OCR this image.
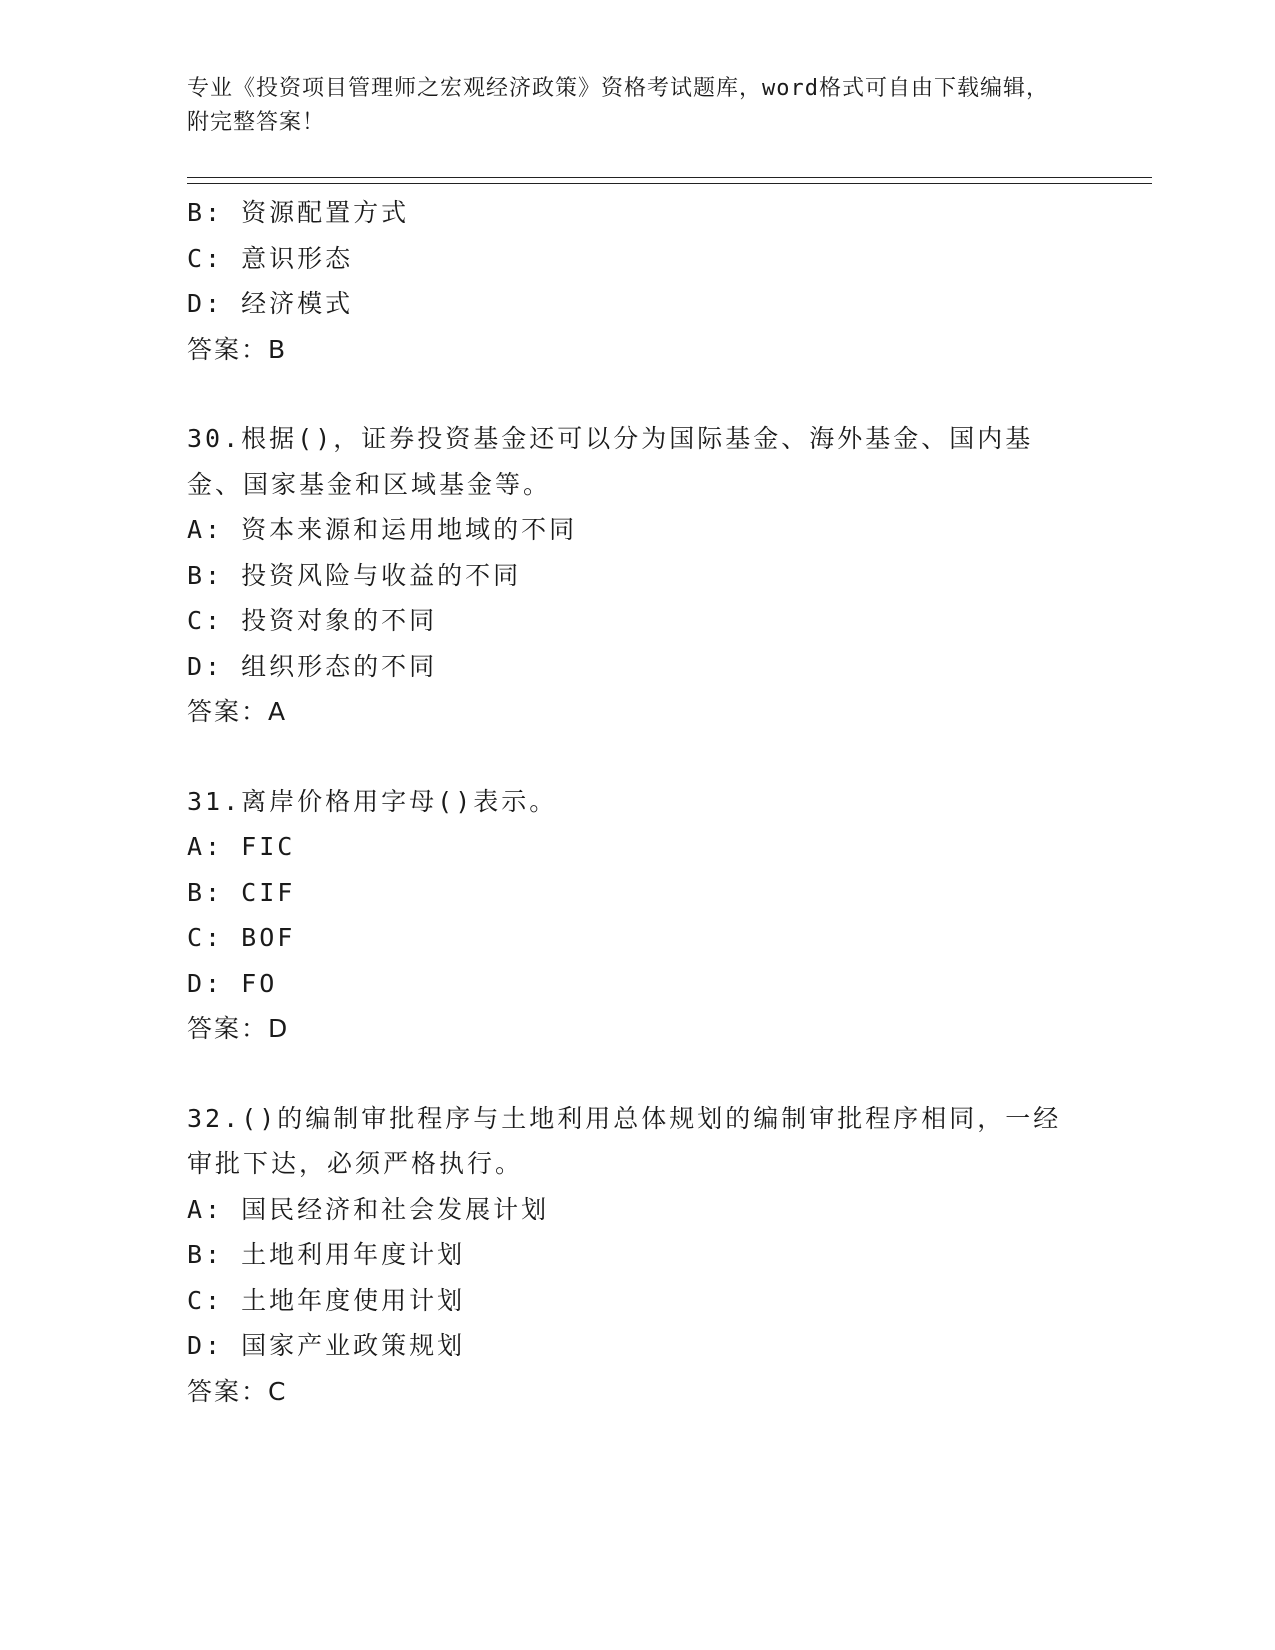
专业《投资项目管理师之宏观经济政策》资格考试题库，word格式可自由下载编辑，附完整答案！
B: 资源配置方式
C: 意识形态
D: 经济模式
答案：B
30.根据()，证券投资基金还可以分为国际基金、海外基金、国内基金、国家基金和区域基金等。
A: 资本来源和运用地域的不同
B: 投资风险与收益的不同
C: 投资对象的不同
D: 组织形态的不同
答案：A
31.离岸价格用字母()表示。
A: FIC
B: CIF
C: BOF
D: FO
答案：D
32.()的编制审批程序与土地利用总体规划的编制审批程序相同，一经审批下达，必须严格执行。
A: 国民经济和社会发展计划
B: 土地利用年度计划
C: 土地年度使用计划
D: 国家产业政策规划
答案：C
